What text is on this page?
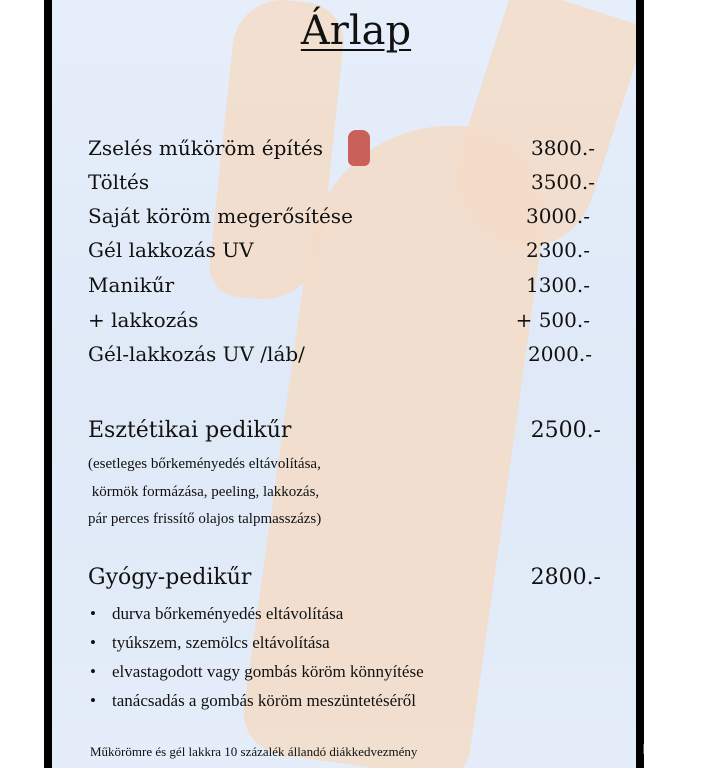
Árlap
Zselés műköröm építés	3800.-
Töltés	3500.-
Saját köröm megerősítése	3000.-
Gél lakkozás UV	2300.-
Manikűr	1300.-
+ lakkozás	+ 500.-
Gél-lakkozás UV /láb/	2000.-
Esztétikai pedikűr	2500.-
(esetleges bőrkeményedés eltávolítása,
körmök formázása, peeling, lakkozás,
pár perces frissítő olajos talpmasszázs)
Gyógy-pedikűr	2800.-
• durva bőrkeményedés eltávolítása
• tyúkszem, szemölcs eltávolítása
• elvastagodott vagy gombás köröm könnyítése
• tanácsadás a gombás köröm meszüntetéséről
Műkörömre és gél lakkra 10 százalék állandó diákkedvezmény	mik
